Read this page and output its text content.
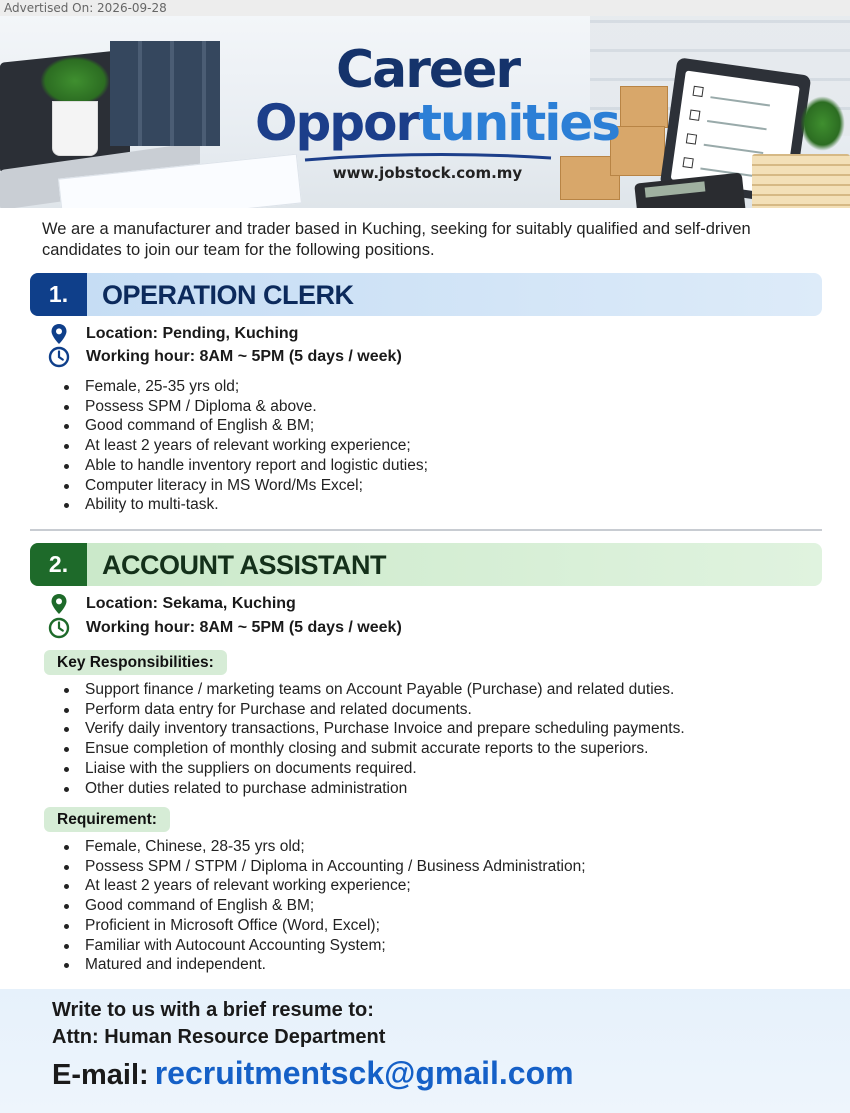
Advertised On: 2026-09-28
Career
Opportunities
www.jobstock.com.my
We are a manufacturer and trader based in Kuching, seeking for suitably qualified and self-driven candidates to join our team for the following positions.
1.	OPERATION CLERK
Location: Pending, Kuching
Working hour: 8AM ~ 5PM (5 days / week)
Female, 25-35 yrs old;
Possess SPM / Diploma & above.
Good command of English & BM;
At least 2 years of relevant working experience;
Able to handle inventory report and logistic duties;
Computer literacy in MS Word/Ms Excel;
Ability to multi-task.
2.	ACCOUNT ASSISTANT
Location: Sekama, Kuching
Working hour: 8AM ~ 5PM (5 days / week)
Key Responsibilities:
Support finance / marketing teams on Account Payable (Purchase) and related duties.
Perform data entry for Purchase and related documents.
Verify daily inventory transactions, Purchase Invoice and prepare scheduling payments.
Ensue completion of monthly closing and submit accurate reports to the superiors.
Liaise with the suppliers on documents required.
Other duties related to purchase administration
Requirement:
Female, Chinese, 28-35 yrs old;
Possess SPM / STPM / Diploma in Accounting / Business Administration;
At least 2 years of relevant working experience;
Good command of English & BM;
Proficient in Microsoft Office (Word, Excel);
Familiar with Autocount Accounting System;
Matured and independent.
Write to us with a brief resume to:
Attn: Human Resource Department
E-mail: recruitmentsck@gmail.com
